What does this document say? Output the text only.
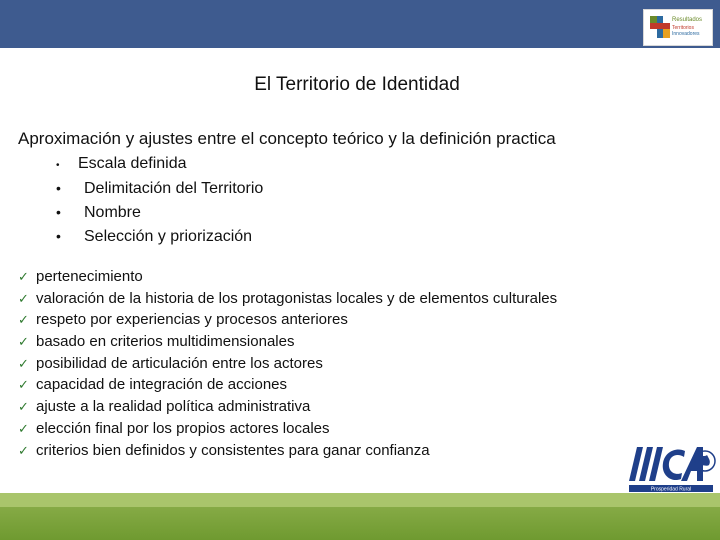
Resultados
Territorios
Innovadores
El Territorio de Identidad
Aproximación y ajustes entre el concepto teórico y la definición practica
• Escala definida
• Delimitación del Territorio
• Nombre
• Selección y priorización
✓ pertenecimiento
✓ valoración de la historia de los protagonistas locales y de elementos culturales
✓ respeto por experiencias y procesos anteriores
✓ basado en criterios multidimensionales
✓ posibilidad de articulación entre los actores
✓ capacidad de integración de acciones
✓ ajuste a la realidad política administrativa
✓ elección final por los propios actores locales
✓ criterios bien definidos y consistentes para ganar confianza
Prosperidad Rural
